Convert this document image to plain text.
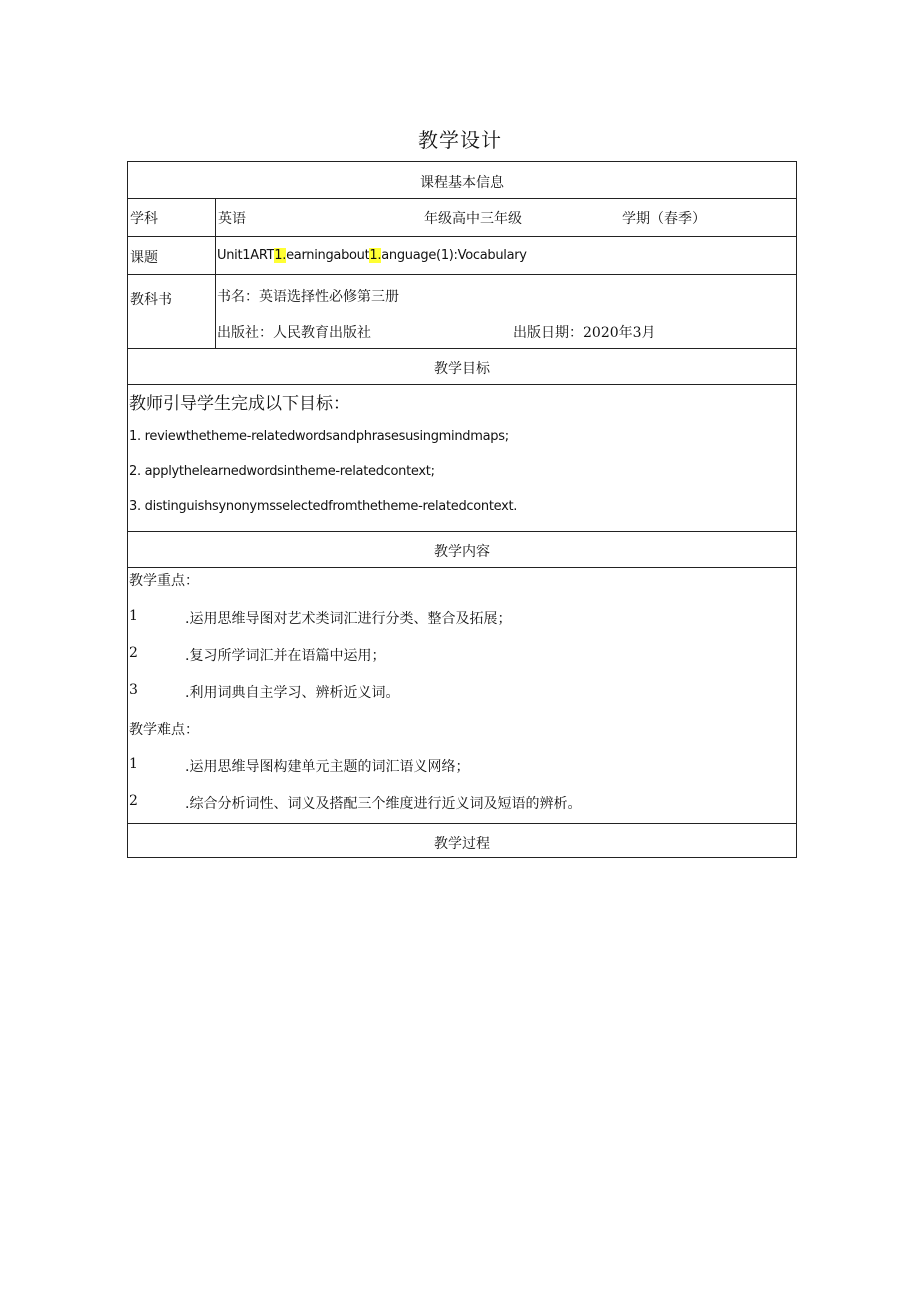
教学设计
课程基本信息
学科	英语	年级高中三年级	学期（春季）
课题	Unit1ART1.earningabout1.anguage(1):Vocabulary
教科书	书名：英语选择性必修第三册
出版社：人民教育出版社	出版日期：2020年3月
教学目标
教师引导学生完成以下目标：
1. reviewthetheme-relatedwordsandphrasesusingmindmaps;
2. applythelearnedwordsintheme-relatedcontext;
3. distinguishsynonymsselectedfromthetheme-relatedcontext.
教学内容
教学重点：
1	.运用思维导图对艺术类词汇进行分类、整合及拓展；
2	.复习所学词汇并在语篇中运用；
3	.利用词典自主学习、辨析近义词。
教学难点：
1	.运用思维导图构建单元主题的词汇语义网络；
2	.综合分析词性、词义及搭配三个维度进行近义词及短语的辨析。
教学过程
